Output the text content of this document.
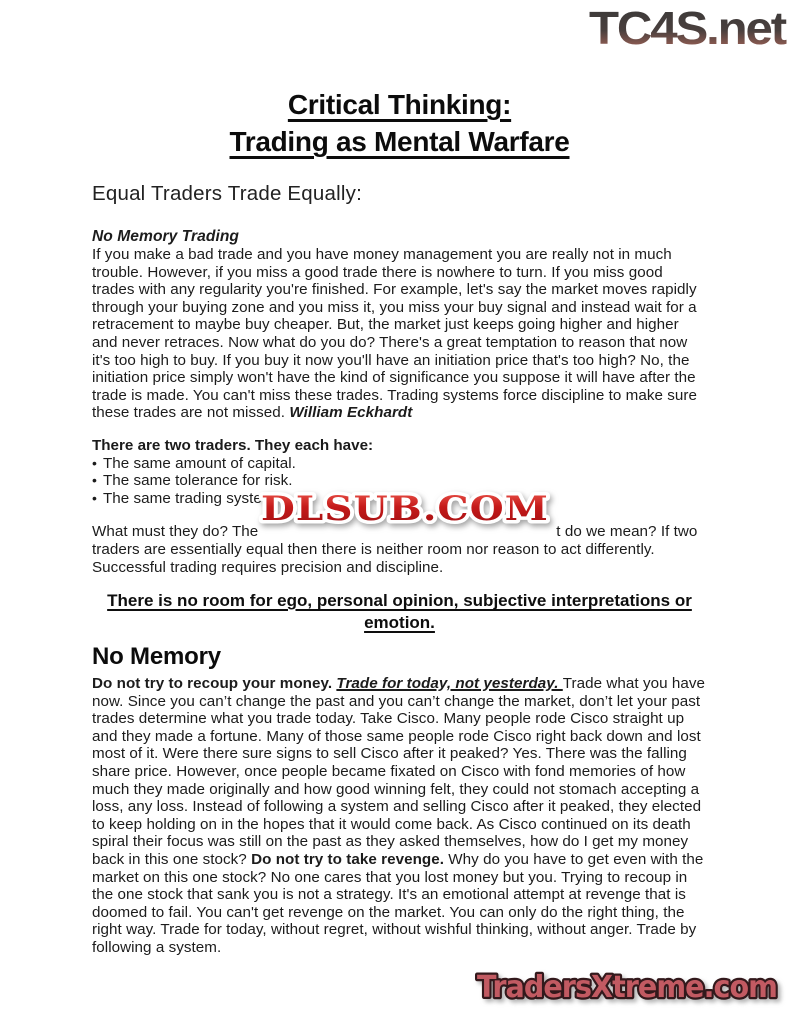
TC4S.net
Critical Thinking:
Trading as Mental Warfare
Equal Traders Trade Equally:
No Memory Trading

If you make a bad trade and you have money management you are really not in much trouble. However, if you miss a good trade there is nowhere to turn. If you miss good trades with any regularity you're finished. For example, let's say the market moves rapidly through your buying zone and you miss it, you miss your buy signal and instead wait for a retracement to maybe buy cheaper. But, the market just keeps going higher and higher and never retraces. Now what do you do? There's a great temptation to reason that now it's too high to buy. If you buy it now you'll have an initiation price that's too high? No, the initiation price simply won't have the kind of significance you suppose it will have after the trade is made. You can't miss these trades. Trading systems force discipline to make sure these trades are not missed. William Eckhardt

There are two traders. They each have:
• The same amount of capital.
• The same tolerance for risk.
• The same trading system.

What must they do? The	t do we mean? If two traders are essentially equal then there is neither room nor reason to act differently. Successful trading requires precision and discipline.

There is no room for ego, personal opinion, subjective interpretations or emotion.
No Memory

Do not try to recoup your money. Trade for today, not yesterday. Trade what you have now. Since you can’t change the past and you can’t change the market, don’t let your past trades determine what you trade today. Take Cisco. Many people rode Cisco straight up and they made a fortune. Many of those same people rode Cisco right back down and lost most of it. Were there sure signs to sell Cisco after it peaked? Yes. There was the falling share price. However, once people became fixated on Cisco with fond memories of how much they made originally and how good winning felt, they could not stomach accepting a loss, any loss. Instead of following a system and selling Cisco after it peaked, they elected to keep holding on in the hopes that it would come back. As Cisco continued on its death spiral their focus was still on the past as they asked themselves, how do I get my money back in this one stock? Do not try to take revenge. Why do you have to get even with the market on this one stock? No one cares that you lost money but you. Trying to recoup in the one stock that sank you is not a strategy. It's an emotional attempt at revenge that is doomed to fail. You can't get revenge on the market. You can only do the right thing, the right way. Trade for today, without regret, without wishful thinking, without anger. Trade by following a system.

DLSUB.COM
TradersXtreme.com
